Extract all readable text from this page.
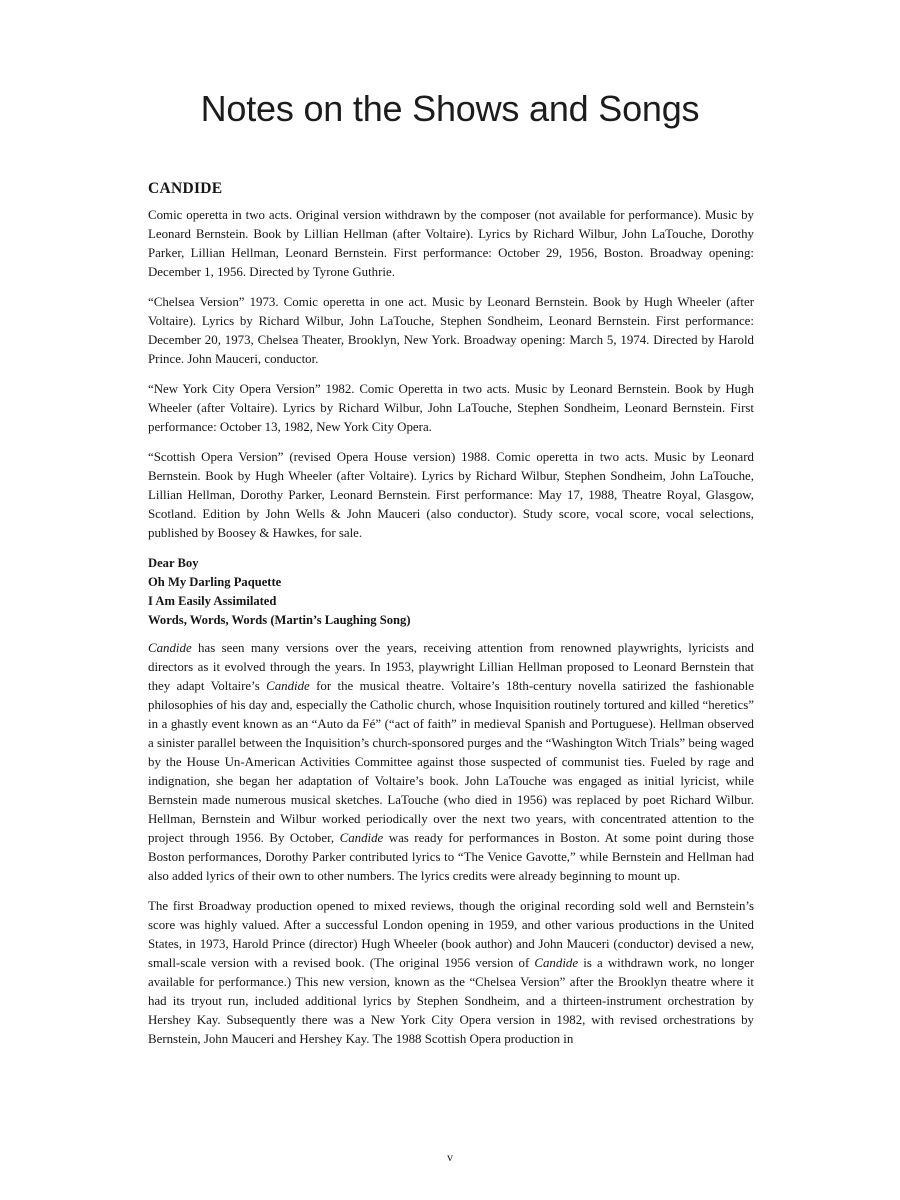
Notes on the Shows and Songs
CANDIDE

Comic operetta in two acts. Original version withdrawn by the composer (not available for performance). Music by Leonard Bernstein. Book by Lillian Hellman (after Voltaire). Lyrics by Richard Wilbur, John LaTouche, Dorothy Parker, Lillian Hellman, Leonard Bernstein. First performance: October 29, 1956, Boston. Broadway opening: December 1, 1956. Directed by Tyrone Guthrie.

“Chelsea Version” 1973. Comic operetta in one act. Music by Leonard Bernstein. Book by Hugh Wheeler (after Voltaire). Lyrics by Richard Wilbur, John LaTouche, Stephen Sondheim, Leonard Bernstein. First performance: December 20, 1973, Chelsea Theater, Brooklyn, New York. Broadway opening: March 5, 1974. Directed by Harold Prince. John Mauceri, conductor.

“New York City Opera Version” 1982. Comic Operetta in two acts. Music by Leonard Bernstein. Book by Hugh Wheeler (after Voltaire). Lyrics by Richard Wilbur, John LaTouche, Stephen Sondheim, Leonard Bernstein. First performance: October 13, 1982, New York City Opera.

“Scottish Opera Version” (revised Opera House version) 1988. Comic operetta in two acts. Music by Leonard Bernstein. Book by Hugh Wheeler (after Voltaire). Lyrics by Richard Wilbur, Stephen Sondheim, John LaTouche, Lillian Hellman, Dorothy Parker, Leonard Bernstein. First performance: May 17, 1988, Theatre Royal, Glasgow, Scotland. Edition by John Wells & John Mauceri (also conductor). Study score, vocal score, vocal selections, published by Boosey & Hawkes, for sale.

Dear Boy
Oh My Darling Paquette
I Am Easily Assimilated
Words, Words, Words (Martin’s Laughing Song)

Candide has seen many versions over the years, receiving attention from renowned playwrights, lyricists and directors as it evolved through the years. In 1953, playwright Lillian Hellman proposed to Leonard Bernstein that they adapt Voltaire’s Candide for the musical theatre. Voltaire’s 18th-century novella satirized the fashionable philosophies of his day and, especially the Catholic church, whose Inquisition routinely tortured and killed “heretics” in a ghastly event known as an “Auto da Fé” (“act of faith” in medieval Spanish and Portuguese). Hellman observed a sinister parallel between the Inquisition’s church-sponsored purges and the “Washington Witch Trials” being waged by the House Un-American Activities Committee against those suspected of communist ties. Fueled by rage and indignation, she began her adaptation of Voltaire’s book. John LaTouche was engaged as initial lyricist, while Bernstein made numerous musical sketches. LaTouche (who died in 1956) was replaced by poet Richard Wilbur. Hellman, Bernstein and Wilbur worked periodically over the next two years, with concentrated attention to the project through 1956. By October, Candide was ready for performances in Boston. At some point during those Boston performances, Dorothy Parker contributed lyrics to “The Venice Gavotte,” while Bernstein and Hellman had also added lyrics of their own to other numbers. The lyrics credits were already beginning to mount up.

The first Broadway production opened to mixed reviews, though the original recording sold well and Bernstein’s score was highly valued. After a successful London opening in 1959, and other various productions in the United States, in 1973, Harold Prince (director) Hugh Wheeler (book author) and John Mauceri (conductor) devised a new, small-scale version with a revised book. (The original 1956 version of Candide is a withdrawn work, no longer available for performance.) This new version, known as the “Chelsea Version” after the Brooklyn theatre where it had its tryout run, included additional lyrics by Stephen Sondheim, and a thirteen-instrument orchestration by Hershey Kay. Subsequently there was a New York City Opera version in 1982, with revised orchestrations by Bernstein, John Mauceri and Hershey Kay. The 1988 Scottish Opera production in

v
